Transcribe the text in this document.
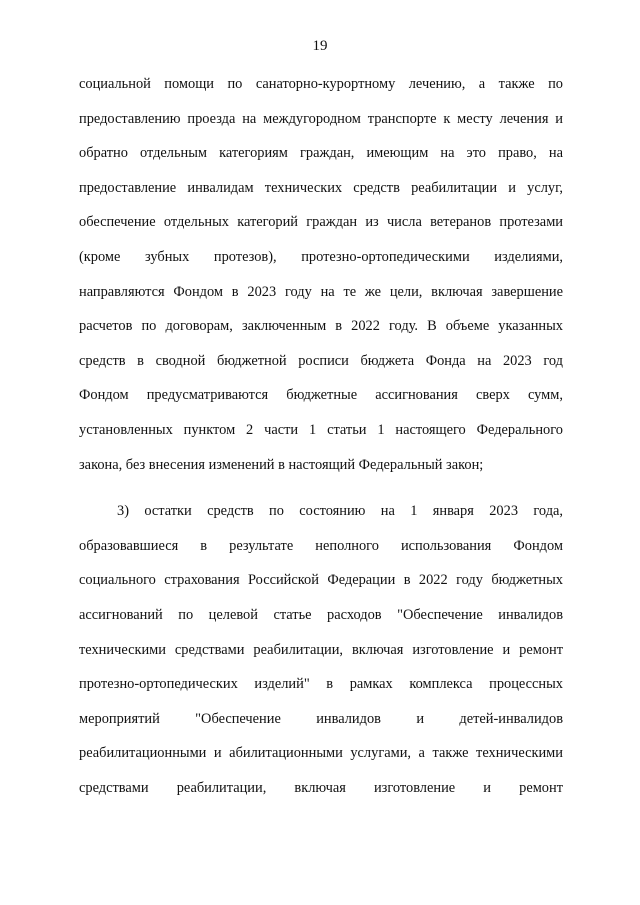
19
социальной помощи по санаторно-курортному лечению, а также по
предоставлению проезда на междугородном транспорте к месту лечения и
обратно отдельным категориям граждан, имеющим на это право, на
предоставление инвалидам технических средств реабилитации и услуг,
обеспечение отдельных категорий граждан из числа ветеранов протезами
(кроме зубных протезов), протезно-ортопедическими изделиями,
направляются Фондом в 2023 году на те же цели, включая завершение
расчетов по договорам, заключенным в 2022 году. В объеме указанных
средств в сводной бюджетной росписи бюджета Фонда на 2023 год
Фондом предусматриваются бюджетные ассигнования сверх сумм,
установленных пунктом 2 части 1 статьи 1 настоящего Федерального
закона, без внесения изменений в настоящий Федеральный закон;
3) остатки средств по состоянию на 1 января 2023 года,
образовавшиеся в результате неполного использования Фондом
социального страхования Российской Федерации в 2022 году бюджетных
ассигнований по целевой статье расходов "Обеспечение инвалидов
техническими средствами реабилитации, включая изготовление и ремонт
протезно-ортопедических изделий" в рамках комплекса процессных
мероприятий "Обеспечение инвалидов и детей-инвалидов
реабилитационными и абилитационными услугами, а также техническими
средствами реабилитации, включая изготовление и ремонт
